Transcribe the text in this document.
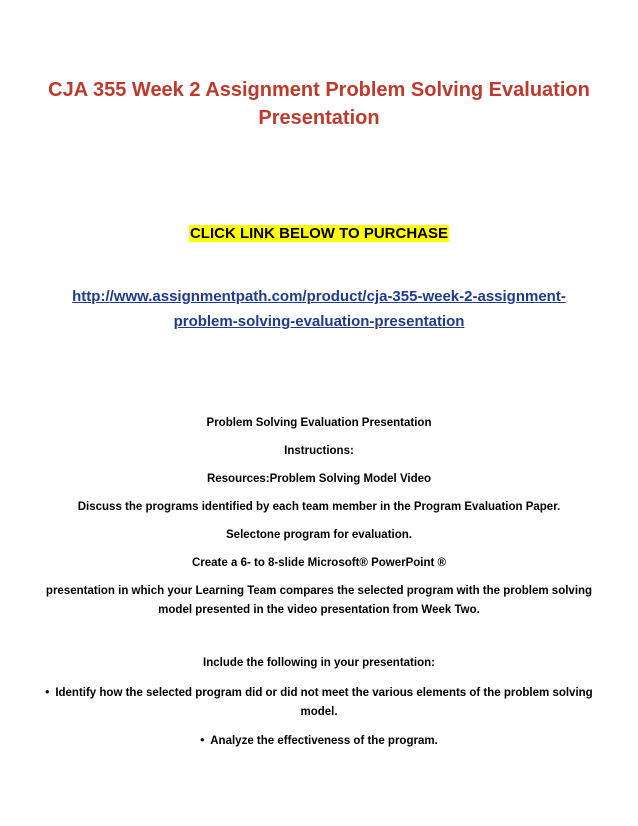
CJA 355 Week 2 Assignment Problem Solving Evaluation Presentation
CLICK LINK BELOW TO PURCHASE
http://www.assignmentpath.com/product/cja-355-week-2-assignment-problem-solving-evaluation-presentation
Problem Solving Evaluation Presentation
Instructions:
Resources:Problem Solving Model Video
Discuss the programs identified by each team member in the Program Evaluation Paper.
Selectone program for evaluation.
Create a 6- to 8-slide Microsoft® PowerPoint ®
presentation in which your Learning Team compares the selected program with the problem solving model presented in the video presentation from Week Two.
Include the following in your presentation:
• Identify how the selected program did or did not meet the various elements of the problem solving model.
• Analyze the effectiveness of the program.
